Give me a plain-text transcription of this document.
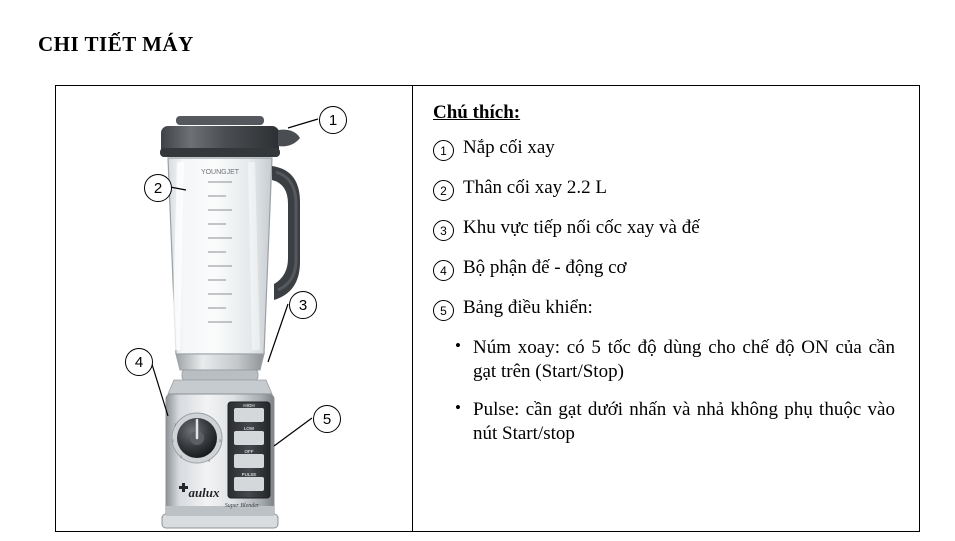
CHI TIẾT MÁY
YOUNGJET
HIGH
LOW
OFF
PULSE
1
2
3
4
5
aulux
Super Blender
1
2
3
4
5
Chú thích:
1 Nắp cối xay
2 Thân cối xay 2.2 L
3 Khu vực tiếp nối cốc xay và đế
4 Bộ phận đế - động cơ
5 Bảng điều khiển:
• Núm xoay: có 5 tốc độ dùng cho chế độ ON của cần gạt trên (Start/Stop)
• Pulse: cần gạt dưới nhấn và nhả không phụ thuộc vào nút Start/stop
